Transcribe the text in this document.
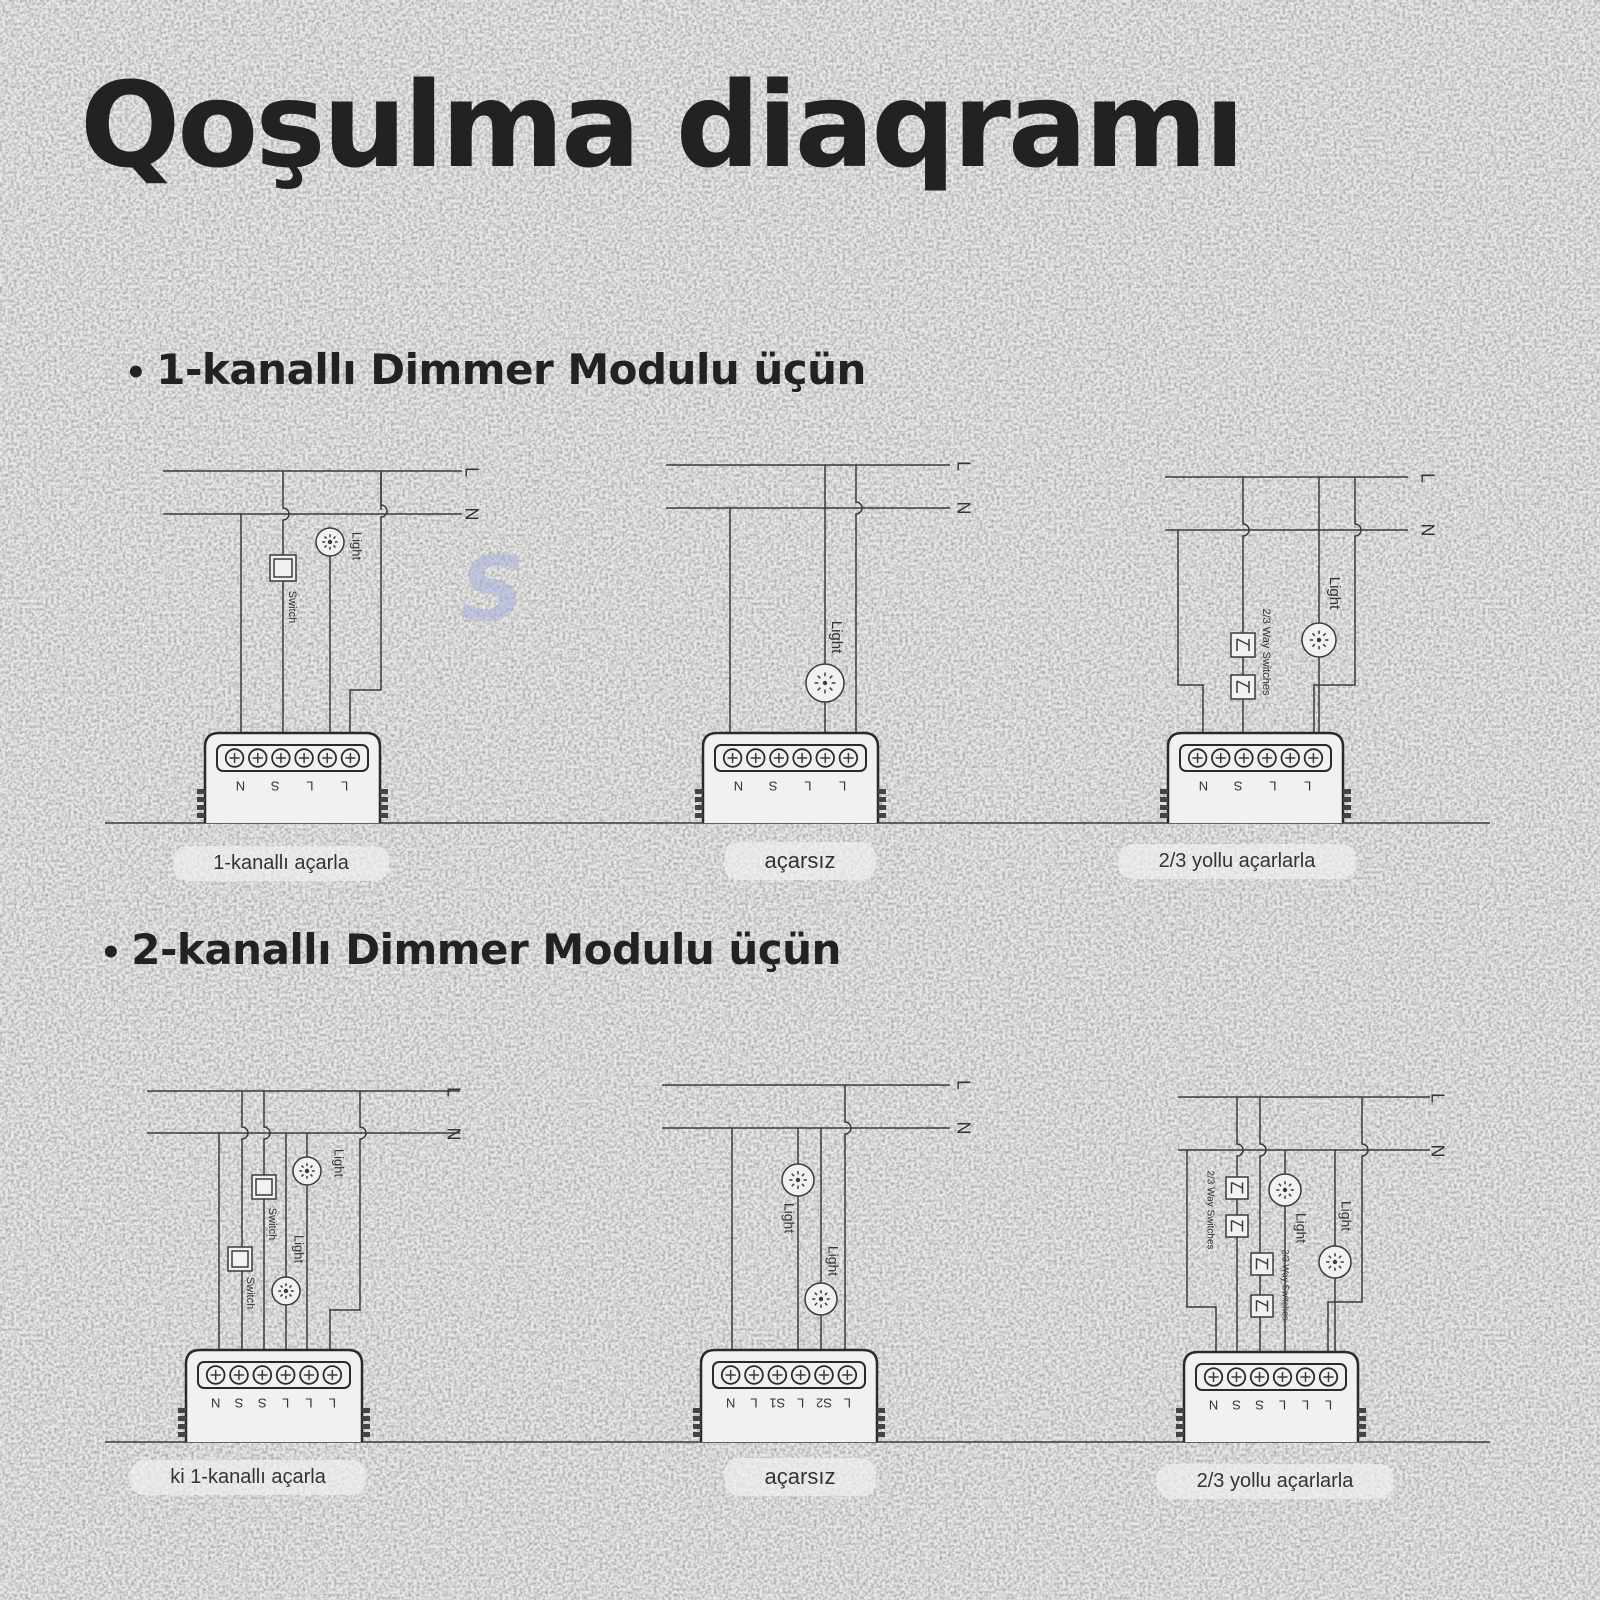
Qoşulma diaqramı
• 1-kanallı Dimmer Modulu üçün
• 2-kanallı Dimmer Modulu üçün
S
L
N
Switch
Light
N S L L
L
N
Light
N S L L
L
N
2/3 Way Switches
Light
N S L L
L
N
Switch
Switch
Light
Light
N S S L L L
L
N
Light
Light
N L S1 L S2 L
L
N
2/3 Way Switches
2/3 Way Switches
Light Light
N S S L L L
1-kanallı açarla	açarsız	2/3 yollu açarlarla
ki 1-kanallı açarla	açarsız	2/3 yollu açarlarla
